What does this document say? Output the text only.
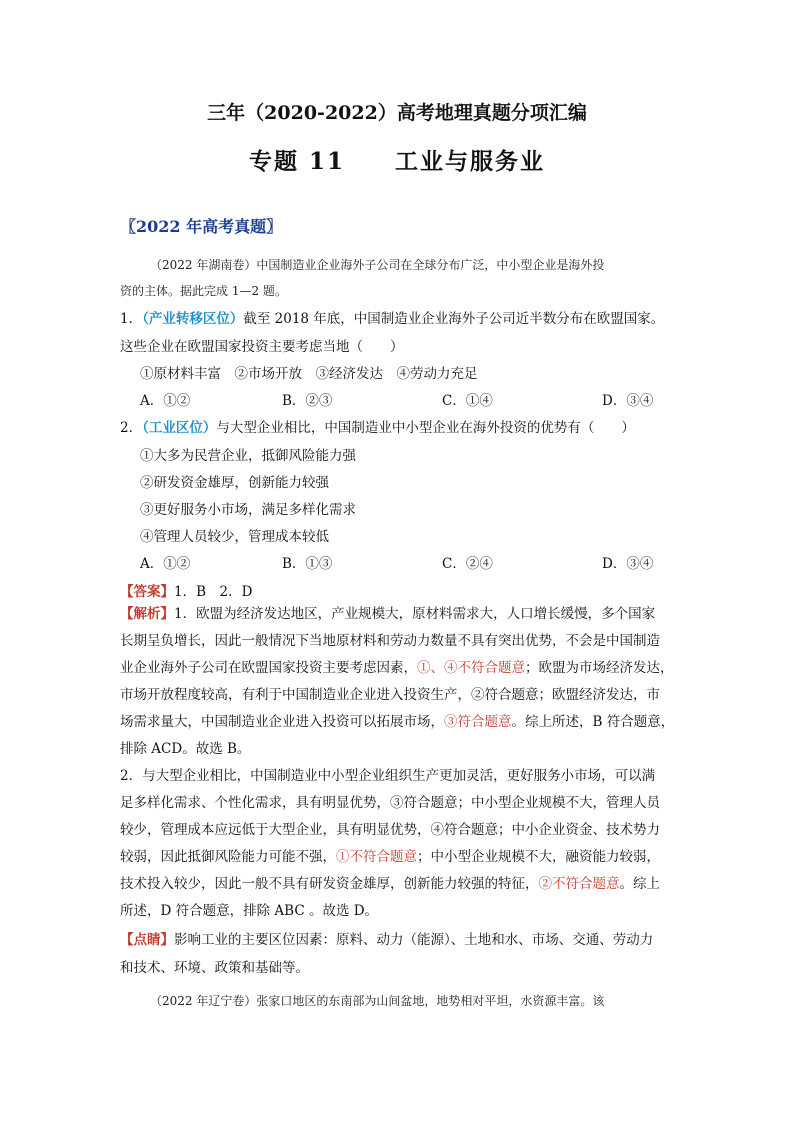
三年（2020-2022）高考地理真题分项汇编
专题 11　　工业与服务业
〖2022 年高考真题〗
（2022 年湖南卷）中国制造业企业海外子公司在全球分布广泛，中小型企业是海外投
资的主体。据此完成 1—2 题。
1．（产业转移区位）截至 2018 年底，中国制造业企业海外子公司近半数分布在欧盟国家。
这些企业在欧盟国家投资主要考虑当地（　　）
①原材料丰富　②市场开放　③经济发达　④劳动力充足
A．①②	B．②③	C．①④	D．③④
2．（工业区位）与大型企业相比，中国制造业中小型企业在海外投资的优势有（　　）
①大多为民营企业，抵御风险能力强
②研发资金雄厚，创新能力较强
③更好服务小市场，满足多样化需求
④管理人员较少，管理成本较低
A．①②	B．①③	C．②④	D．③④
【答案】1．B　2．D
【解析】1．欧盟为经济发达地区，产业规模大，原材料需求大，人口增长缓慢，多个国家
长期呈负增长，因此一般情况下当地原材料和劳动力数量不具有突出优势，不会是中国制造
业企业海外子公司在欧盟国家投资主要考虑因素，①、④不符合题意；欧盟为市场经济发达，
市场开放程度较高，有利于中国制造业企业进入投资生产，②符合题意；欧盟经济发达，市
场需求量大，中国制造业企业进入投资可以拓展市场，③符合题意。综上所述，B 符合题意，
排除 ACD。故选 B。
2．与大型企业相比，中国制造业中小型企业组织生产更加灵活，更好服务小市场，可以满
足多样化需求、个性化需求，具有明显优势，③符合题意；中小型企业规模不大，管理人员
较少，管理成本应远低于大型企业，具有明显优势，④符合题意；中小企业资金、技术势力
较弱，因此抵御风险能力可能不强，①不符合题意；中小型企业规模不大，融资能力较弱，
技术投入较少，因此一般不具有研发资金雄厚，创新能力较强的特征，②不符合题意。综上
所述，D 符合题意，排除 ABC 。故选 D。
【点睛】影响工业的主要区位因素：原料、动力（能源）、土地和水、市场、交通、劳动力
和技术、环境、政策和基础等。
（2022 年辽宁卷）张家口地区的东南部为山间盆地，地势相对平坦，水资源丰富。该
